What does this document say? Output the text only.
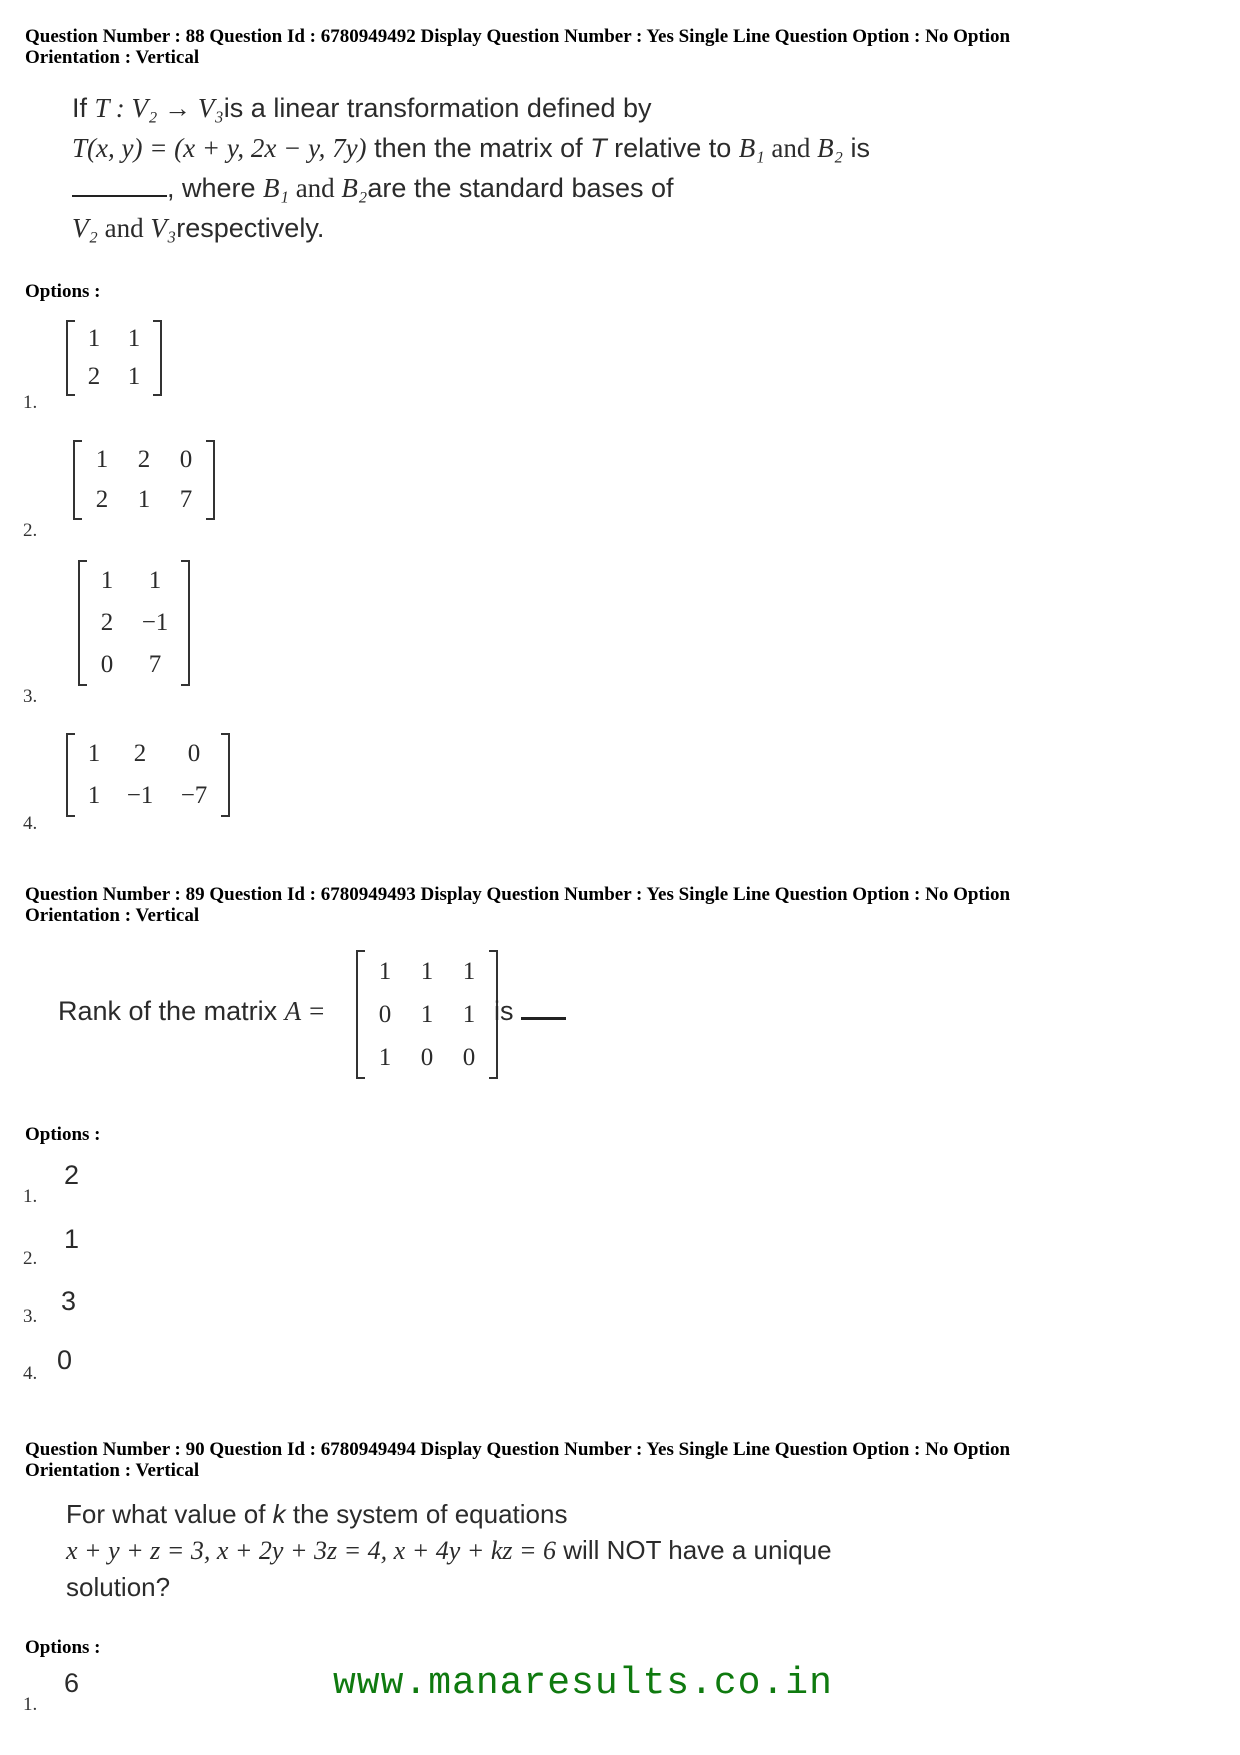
Question Number : 88 Question Id : 6780949492 Display Question Number : Yes Single Line Question Option : No Option
Orientation : Vertical
If T : V₂ → V₃is a linear transformation defined by
T(x, y) = (x + y, 2x − y, 7y) then the matrix of T relative to B₁ and B₂ is
, where B₁ and B₂are the standard bases of
V₂ and V₃respectively.
Options :
1.
1	1
2	1
2.
1	2	0
2	1	7
3.
1	1
2	−1
0	7
4.
1	2	0
1	−1	−7
Question Number : 89 Question Id : 6780949493 Display Question Number : Yes Single Line Question Option : No Option
Orientation : Vertical
Rank of the matrix A =
1	1	1
0	1	1
1	0	0
is
Options :
1.
2
2.
1
3.
3
4. 0
Question Number : 90 Question Id : 6780949494 Display Question Number : Yes Single Line Question Option : No Option
Orientation : Vertical
For what value of k the system of equations
x + y + z = 3, x + 2y + 3z = 4, x + 4y + kz = 6 will NOT have a unique
solution?
Options :
1.
6	www.manaresults.co.in
